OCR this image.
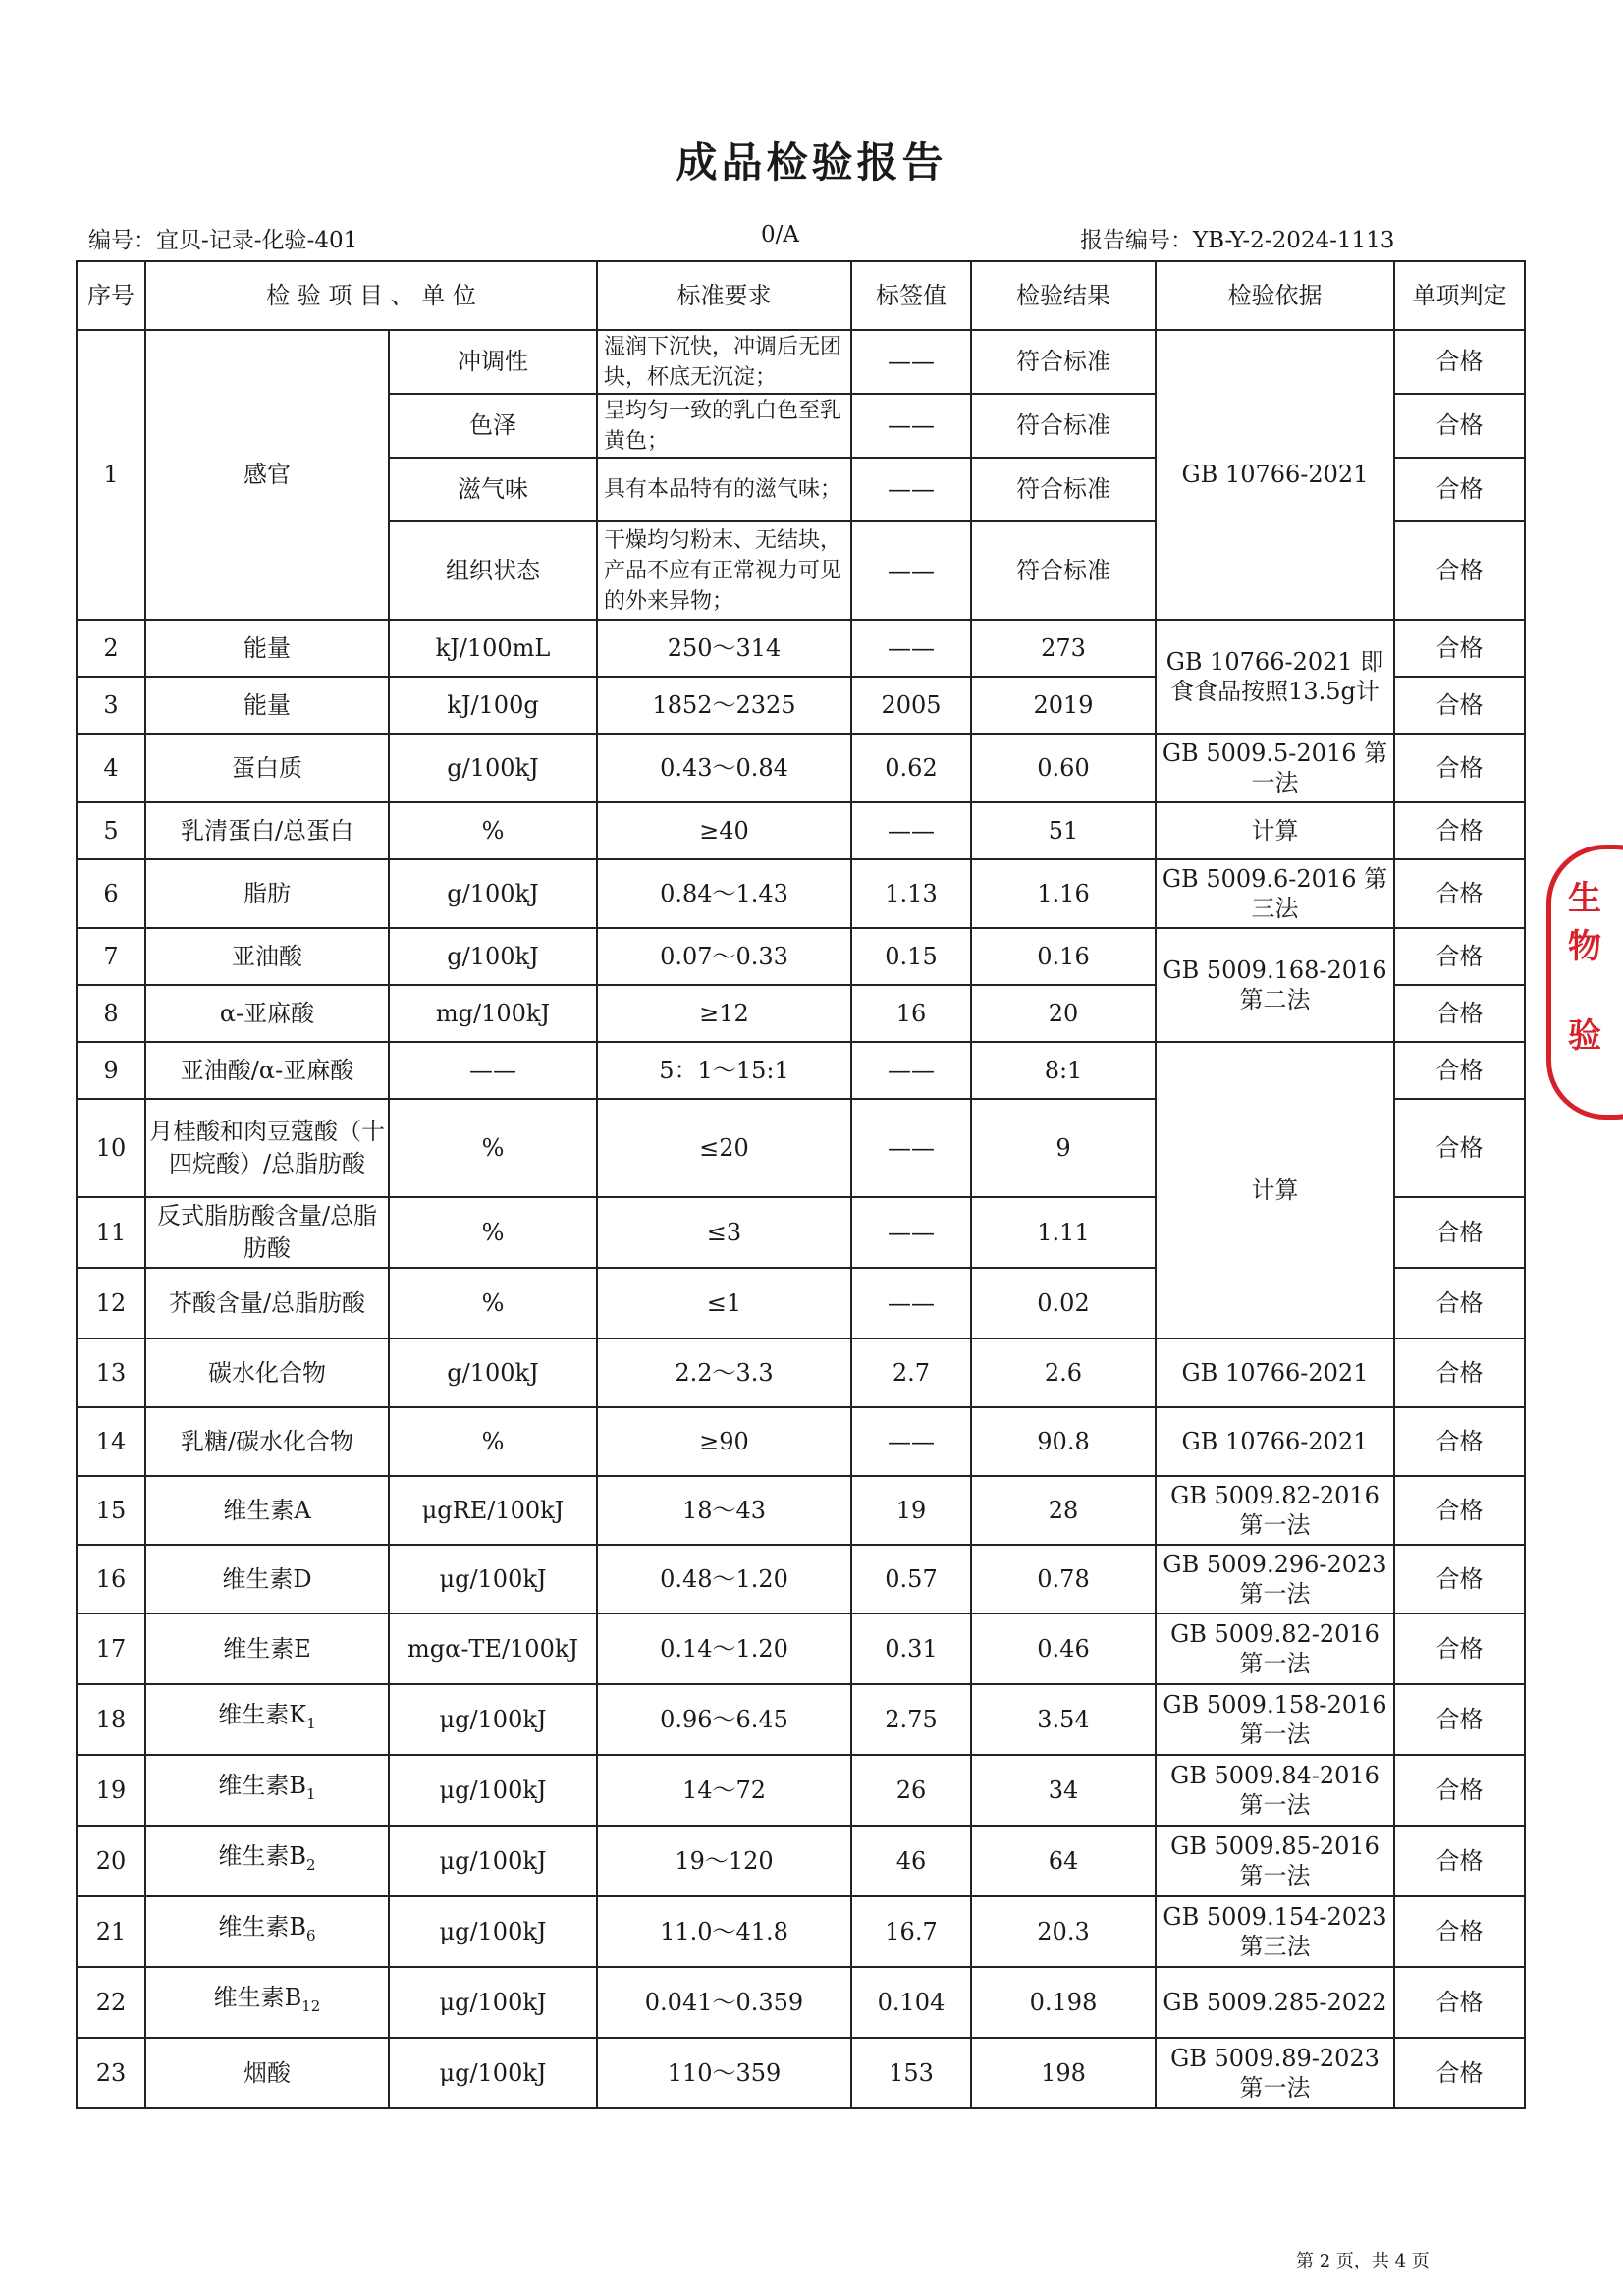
成品检验报告
编号：宜贝-记录-化验-401	0/A	报告编号：YB-Y-2-2024-1113
序号	检 验 项 目 、 单 位		标准要求	标签值	检验结果	检验依据	单项判定
1	感官	冲调性	湿润下沉快，冲调后无团块，杯底无沉淀；	——	符合标准	GB 10766-2021	合格
		色泽	呈均匀一致的乳白色至乳黄色；	——	符合标准		合格
		滋气味	具有本品特有的滋气味；	——	符合标准		合格
		组织状态	干燥均匀粉末、无结块，产品不应有正常视力可见的外来异物；	——	符合标准		合格
2	能量	kJ/100mL	250～314	——	273	GB 10766-2021 即食食品按照13.5g计	合格
3	能量	kJ/100g	1852～2325	2005	2019		合格
4	蛋白质	g/100kJ	0.43～0.84	0.62	0.60	GB 5009.5-2016 第一法	合格
5	乳清蛋白/总蛋白	%	≥40	——	51	计算	合格
6	脂肪	g/100kJ	0.84～1.43	1.13	1.16	GB 5009.6-2016 第三法	合格
7	亚油酸	g/100kJ	0.07～0.33	0.15	0.16	GB 5009.168-2016 第二法	合格
8	α-亚麻酸	mg/100kJ	≥12	16	20		合格
9	亚油酸/α-亚麻酸	——	5：1～15:1	——	8:1	计算	合格
10	月桂酸和肉豆蔻酸（十四烷酸）/总脂肪酸	%	≤20	——	9		合格
11	反式脂肪酸含量/总脂肪酸	%	≤3	——	1.11		合格
12	芥酸含量/总脂肪酸	%	≤1	——	0.02		合格
13	碳水化合物	g/100kJ	2.2～3.3	2.7	2.6	GB 10766-2021	合格
14	乳糖/碳水化合物	%	≥90	——	90.8	GB 10766-2021	合格
15	维生素A	μgRE/100kJ	18～43	19	28	GB 5009.82-2016 第一法	合格
16	维生素D	μg/100kJ	0.48～1.20	0.57	0.78	GB 5009.296-2023 第一法	合格
17	维生素E	mgα-TE/100kJ	0.14～1.20	0.31	0.46	GB 5009.82-2016 第一法	合格
18	维生素$K_1$	μg/100kJ	0.96～6.45	2.75	3.54	GB 5009.158-2016 第一法	合格
19	维生素$B_1$	μg/100kJ	14～72	26	34	GB 5009.84-2016 第一法	合格
20	维生素$B_2$	μg/100kJ	19～120	46	64	GB 5009.85-2016 第一法	合格
21	维生素$B_6$	μg/100kJ	11.0～41.8	16.7	20.3	GB 5009.154-2023 第三法	合格
22	维生素$B_{12}$	μg/100kJ	0.041～0.359	0.104	0.198	GB 5009.285-2022	合格
23	烟酸	μg/100kJ	110～359	153	198	GB 5009.89-2023 第一法	合格
生物
验
第 2 页，共 4 页
